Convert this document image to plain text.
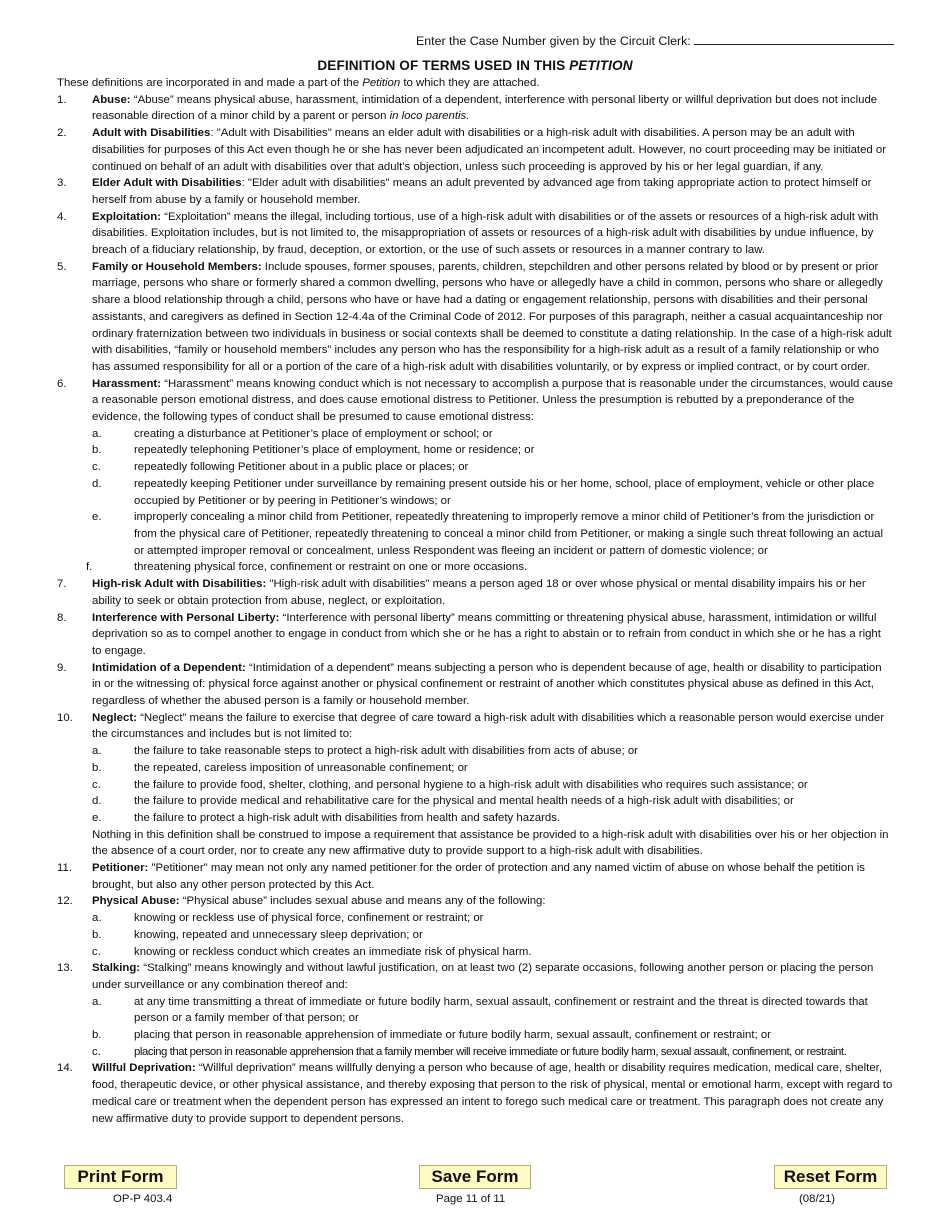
Enter the Case Number given by the Circuit Clerk:
DEFINITION OF TERMS USED IN THIS PETITION

These definitions are incorporated in and made a part of the Petition to which they are attached.

1.	Abuse: “Abuse” means physical abuse, harassment, intimidation of a dependent, interference with personal liberty or willful deprivation but does not include reasonable direction of a minor child by a parent or person in loco parentis.
2.	Adult with Disabilities: "Adult with Disabilities" means an elder adult with disabilities or a high-risk adult with disabilities. A person may be an adult with disabilities for purposes of this Act even though he or she has never been adjudicated an incompetent adult. However, no court proceeding may be initiated or continued on behalf of an adult with disabilities over that adult's objection, unless such proceeding is approved by his or her legal guardian, if any.
3.	Elder Adult with Disabilities: "Elder adult with disabilities" means an adult prevented by advanced age from taking appropriate action to protect himself or herself from abuse by a family or household member.
4.	Exploitation: “Exploitation” means the illegal, including tortious, use of a high-risk adult with disabilities or of the assets or resources of a high-risk adult with disabilities. Exploitation includes, but is not limited to, the misappropriation of assets or resources of a high-risk adult with disabilities by undue influence, by breach of a fiduciary relationship, by fraud, deception, or extortion, or the use of such assets or resources in a manner contrary to law.
5.	Family or Household Members: Include spouses, former spouses, parents, children, stepchildren and other persons related by blood or by present or prior marriage, persons who share or formerly shared a common dwelling, persons who have or allegedly have a child in common, persons who share or allegedly share a blood relationship through a child, persons who have or have had a dating or engagement relationship, persons with disabilities and their personal assistants, and caregivers as defined in Section 12-4.4a of the Criminal Code of 2012. For purposes of this paragraph, neither a casual acquaintanceship nor ordinary fraternization between two individuals in business or social contexts shall be deemed to constitute a dating relationship. In the case of a high-risk adult with disabilities, “family or household members” includes any person who has the responsibility for a high-risk adult as a result of a family relationship or who has assumed responsibility for all or a portion of the care of a high-risk adult with disabilities voluntarily, or by express or implied contract, or by court order.
6.	Harassment: “Harassment” means knowing conduct which is not necessary to accomplish a purpose that is reasonable under the circumstances, would cause a reasonable person emotional distress, and does cause emotional distress to Petitioner. Unless the presumption is rebutted by a preponderance of the evidence, the following types of conduct shall be presumed to cause emotional distress:
a.	creating a disturbance at Petitioner’s place of employment or school; or
b.	repeatedly telephoning Petitioner’s place of employment, home or residence; or
c.	repeatedly following Petitioner about in a public place or places; or
d.	repeatedly keeping Petitioner under surveillance by remaining present outside his or her home, school, place of employment, vehicle or other place occupied by Petitioner or by peering in Petitioner’s windows; or
e.	improperly concealing a minor child from Petitioner, repeatedly threatening to improperly remove a minor child of Petitioner’s from the jurisdiction or from the physical care of Petitioner, repeatedly threatening to conceal a minor child from Petitioner, or making a single such threat following an actual or attempted improper removal or concealment, unless Respondent was fleeing an incident or pattern of domestic violence; or
f.	threatening physical force, confinement or restraint on one or more occasions.
7.	High-risk Adult with Disabilities: "High-risk adult with disabilities" means a person aged 18 or over whose physical or mental disability impairs his or her ability to seek or obtain protection from abuse, neglect, or exploitation.
8.	Interference with Personal Liberty: “Interference with personal liberty” means committing or threatening physical abuse, harassment, intimidation or willful deprivation so as to compel another to engage in conduct from which she or he has a right to abstain or to refrain from conduct in which she or he has a right to engage.
9.	Intimidation of a Dependent: “Intimidation of a dependent” means subjecting a person who is dependent because of age, health or disability to participation in or the witnessing of: physical force against another or physical confinement or restraint of another which constitutes physical abuse as defined in this Act, regardless of whether the abused person is a family or household member.
10.	Neglect: “Neglect” means the failure to exercise that degree of care toward a high-risk adult with disabilities which a reasonable person would exercise under the circumstances and includes but is not limited to:
a.	the failure to take reasonable steps to protect a high-risk adult with disabilities from acts of abuse; or
b.	the repeated, careless imposition of unreasonable confinement; or
c.	the failure to provide food, shelter, clothing, and personal hygiene to a high-risk adult with disabilities who requires such assistance; or
d.	the failure to provide medical and rehabilitative care for the physical and mental health needs of a high-risk adult with disabilities; or
e.	the failure to protect a high-risk adult with disabilities from health and safety hazards.
Nothing in this definition shall be construed to impose a requirement that assistance be provided to a high-risk adult with disabilities over his or her objection in the absence of a court order, nor to create any new affirmative duty to provide support to a high-risk adult with disabilities.
11.	Petitioner: "Petitioner" may mean not only any named petitioner for the order of protection and any named victim of abuse on whose behalf the petition is brought, but also any other person protected by this Act.
12.	Physical Abuse: “Physical abuse” includes sexual abuse and means any of the following:
a.	knowing or reckless use of physical force, confinement or restraint; or
b.	knowing, repeated and unnecessary sleep deprivation; or
c.	knowing or reckless conduct which creates an immediate risk of physical harm.
13.	Stalking: “Stalking” means knowingly and without lawful justification, on at least two (2) separate occasions, following another person or placing the person under surveillance or any combination thereof and:
a.	at any time transmitting a threat of immediate or future bodily harm, sexual assault, confinement or restraint and the threat is directed towards that person or a family member of that person; or
b.	placing that person in reasonable apprehension of immediate or future bodily harm, sexual assault, confinement or restraint; or
c.	placing that person in reasonable apprehension that a family member will receive immediate or future bodily harm, sexual assault, confinement, or restraint.
14.	Willful Deprivation: “Willful deprivation” means willfully denying a person who because of age, health or disability requires medication, medical care, shelter, food, therapeutic device, or other physical assistance, and thereby exposing that person to the risk of physical, mental or emotional harm, except with regard to medical care or treatment when the dependent person has expressed an intent to forego such medical care or treatment. This paragraph does not create any new affirmative duty to provide support to dependent persons.
Print Form	Save Form	Reset Form
OP-P 403.4	Page 11 of 11	(08/21)
